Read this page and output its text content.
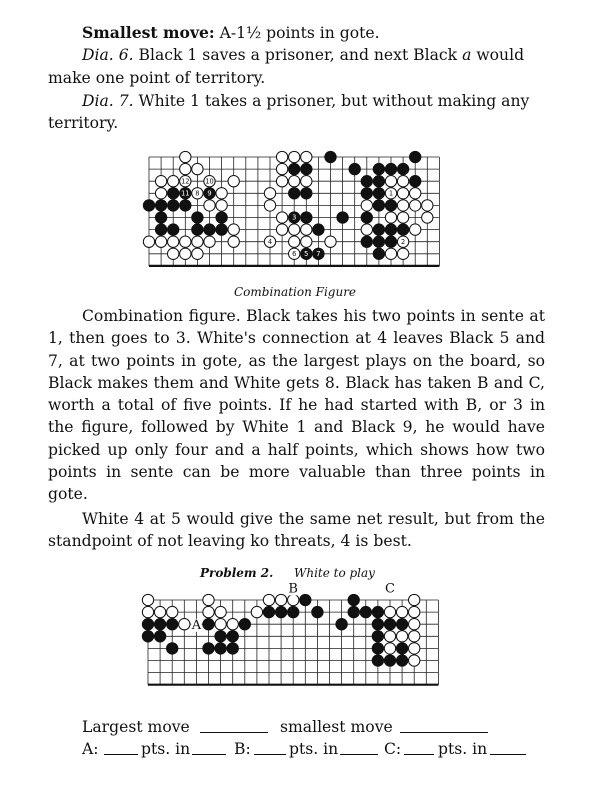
Smallest move: A-1½ points in gote.
Dia. 6. Black 1 saves a prisoner, and next Black a would
make one point of territory.
Dia. 7. White 1 takes a prisoner, but without making any
territory.
12 10
11 8 9	1
3
4	2
6 5 7
Combination Figure
Combination figure. Black takes his two points in sente at 1, then goes to 3. White's connection at 4 leaves Black 5 and 7, at two points in gote, as the largest plays on the board, so Black makes them and White gets 8. Black has taken B and C, worth a total of five points. If he had started with B, or 3 in the figure, followed by White 1 and Black 9, he would have picked up only four and a half points, which shows how two points in sente can be more valuable than three points in gote.
White 4 at 5 would give the same net result, but from the standpoint of not leaving ko threats, 4 is best.
Problem 2. White to play
A
B	C
Largest move	smallest move
A:	pts. in	B: pts. in	C: pts. in
